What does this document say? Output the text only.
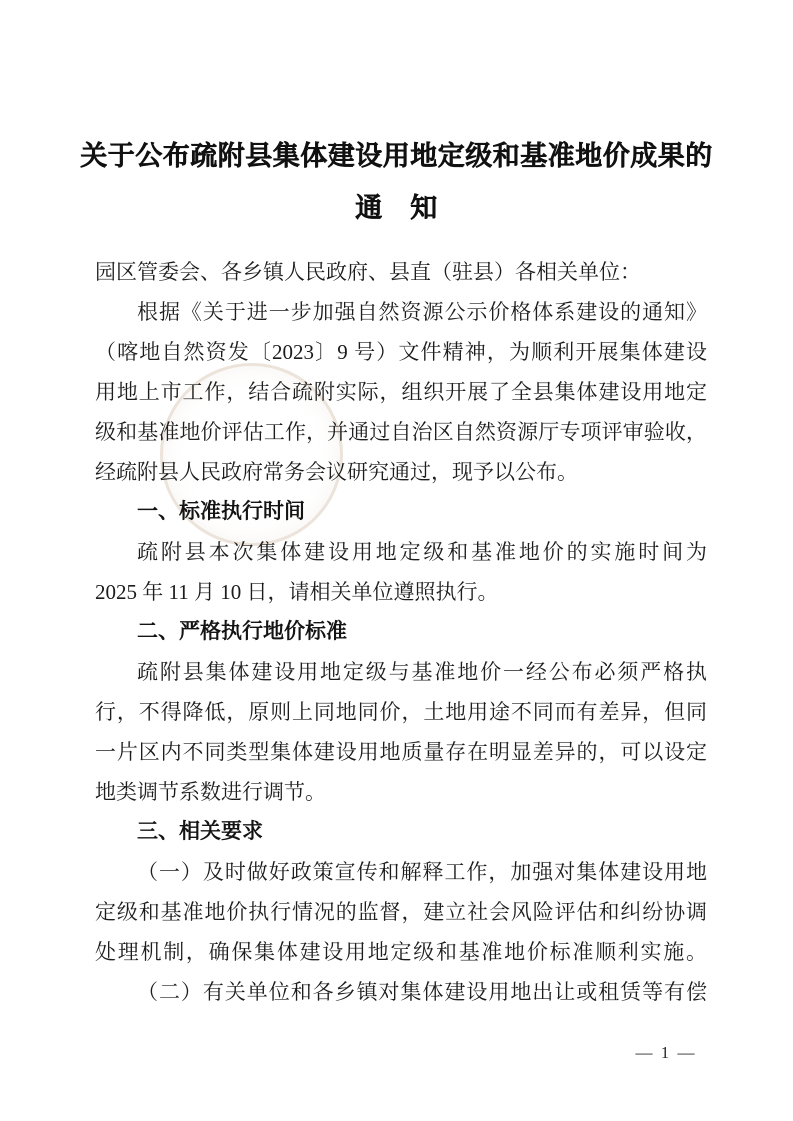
关于公布疏附县集体建设用地定级和基准地价成果的
通　知
园区管委会、各乡镇人民政府、县直（驻县）各相关单位：
根据《关于进一步加强自然资源公示价格体系建设的通知》
（喀地自然资发〔2023〕9 号）文件精神，为顺利开展集体建设
用地上市工作，结合疏附实际，组织开展了全县集体建设用地定
级和基准地价评估工作，并通过自治区自然资源厅专项评审验收，
经疏附县人民政府常务会议研究通过，现予以公布。
一、标准执行时间
疏附县本次集体建设用地定级和基准地价的实施时间为
2025 年 11 月 10 日，请相关单位遵照执行。
二、严格执行地价标准
疏附县集体建设用地定级与基准地价一经公布必须严格执
行，不得降低，原则上同地同价，土地用途不同而有差异，但同
一片区内不同类型集体建设用地质量存在明显差异的，可以设定
地类调节系数进行调节。
三、相关要求
（一）及时做好政策宣传和解释工作，加强对集体建设用地
定级和基准地价执行情况的监督，建立社会风险评估和纠纷协调
处理机制，确保集体建设用地定级和基准地价标准顺利实施。
（二）有关单位和各乡镇对集体建设用地出让或租赁等有偿
— 1 —
